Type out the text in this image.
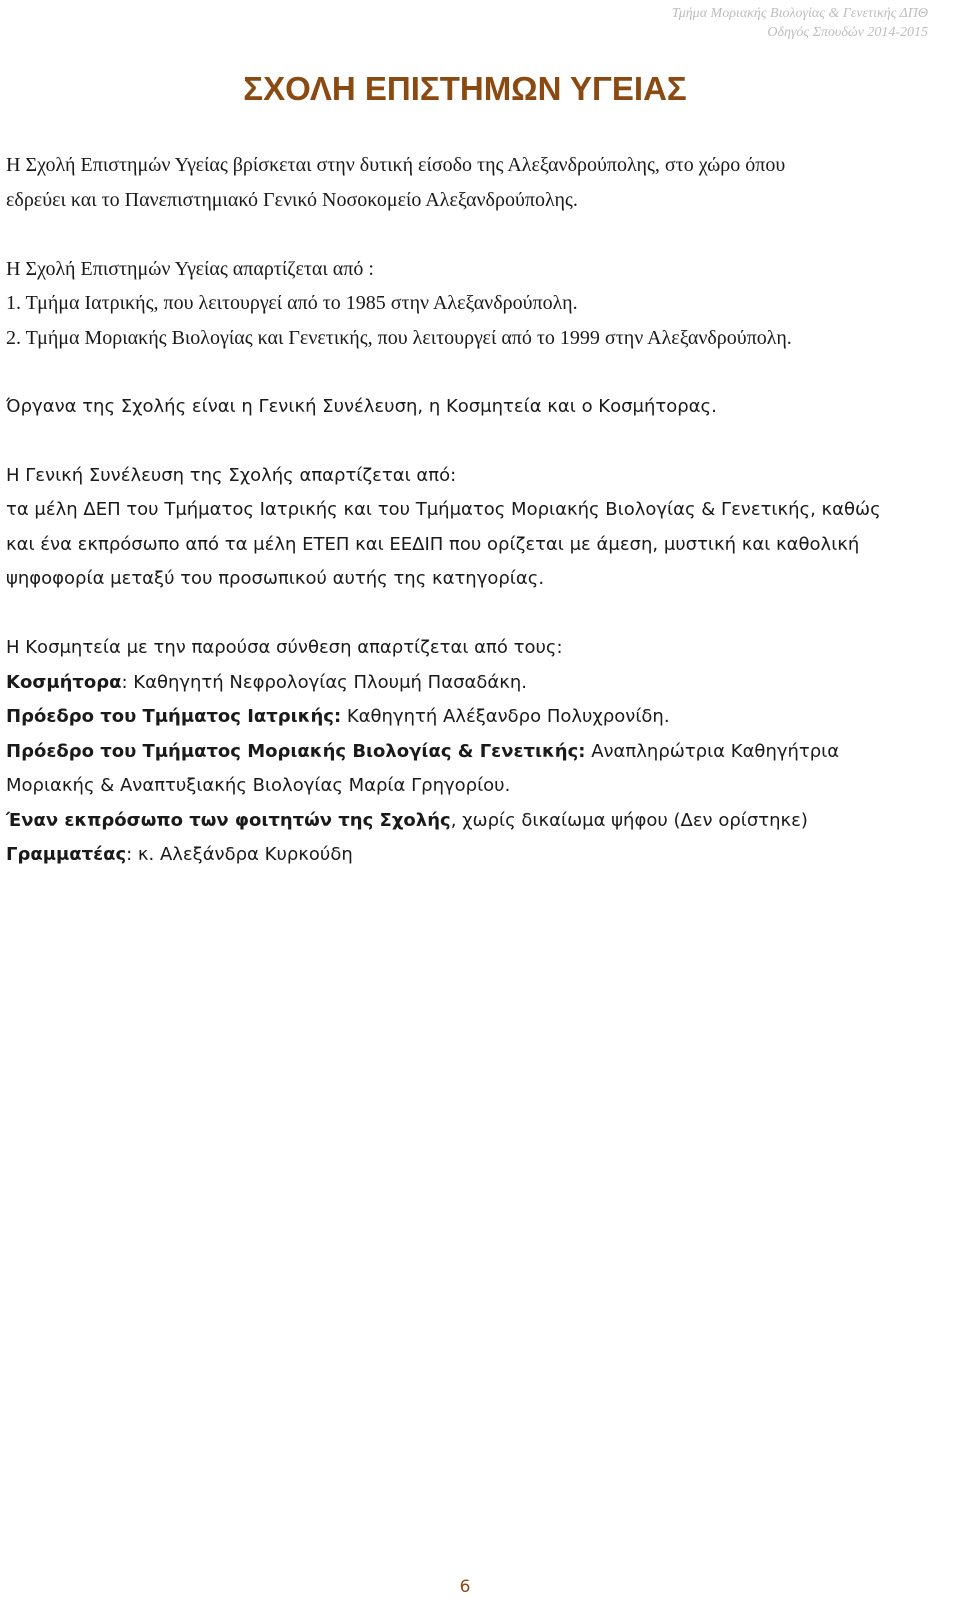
Τμήμα Μοριακής Βιολογίας & Γενετικής ΔΠΘ
Οδηγός Σπουδών 2014-2015
ΣΧΟΛΗ ΕΠΙΣΤΗΜΩΝ ΥΓΕΙΑΣ
Η Σχολή Επιστημών Υγείας βρίσκεται στην δυτική είσοδο της Αλεξανδρούπολης, στο χώρο όπου
εδρεύει και το Πανεπιστημιακό Γενικό Νοσοκομείο Αλεξανδρούπολης.
Η Σχολή Επιστημών Υγείας απαρτίζεται από :
1. Τμήμα Ιατρικής, που λειτουργεί από το 1985 στην Αλεξανδρούπολη.
2. Τμήμα Μοριακής Βιολογίας και Γενετικής, που λειτουργεί από το 1999 στην Αλεξανδρούπολη.
Όργανα της Σχολής είναι η Γενική Συνέλευση, η Κοσμητεία και ο Κοσμήτορας.
Η Γενική Συνέλευση της Σχολής απαρτίζεται από:
τα μέλη ΔΕΠ του Τμήματος Ιατρικής και του Τμήματος Μοριακής Βιολογίας & Γενετικής, καθώς
και ένα εκπρόσωπο από τα μέλη ΕΤΕΠ και ΕΕΔΙΠ που ορίζεται με άμεση, μυστική και καθολική
ψηφοφορία μεταξύ του προσωπικού αυτής της κατηγορίας.
Η Κοσμητεία με την παρούσα σύνθεση απαρτίζεται από τους:
Κοσμήτορα: Καθηγητή Νεφρολογίας Πλουμή Πασαδάκη.
Πρόεδρο του Τμήματος Ιατρικής: Καθηγητή Αλέξανδρο Πολυχρονίδη.
Πρόεδρο του Τμήματος Μοριακής Βιολογίας & Γενετικής: Αναπληρώτρια Καθηγήτρια
Μοριακής & Αναπτυξιακής Βιολογίας Μαρία Γρηγορίου.
Έναν εκπρόσωπο των φοιτητών της Σχολής, χωρίς δικαίωμα ψήφου (Δεν ορίστηκε)
Γραμματέας: κ. Αλεξάνδρα Κυρκούδη
6
